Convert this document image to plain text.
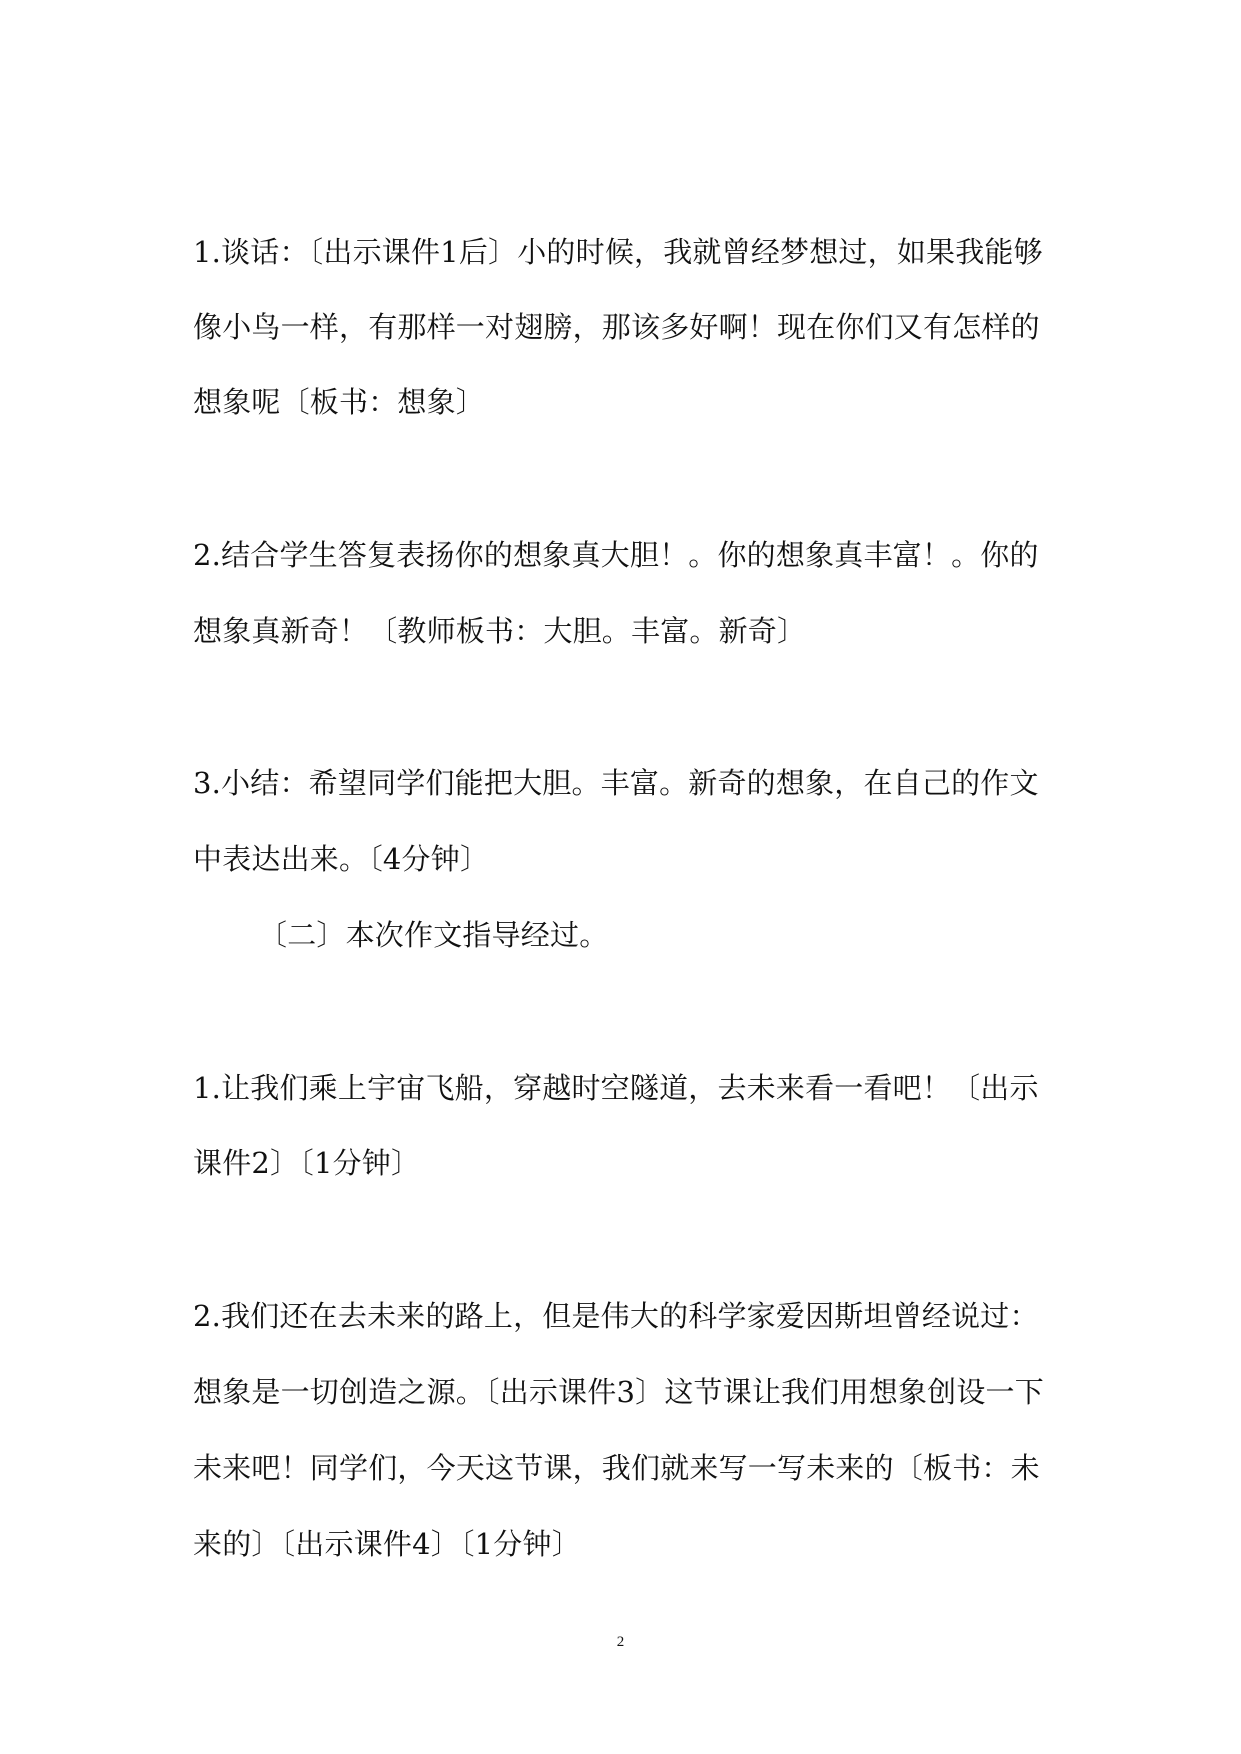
1.谈话：〔出示课件1后〕小的时候，我就曾经梦想过，如果我能够
像小鸟一样，有那样一对翅膀，那该多好啊！现在你们又有怎样的
想象呢〔板书：想象〕
2.结合学生答复表扬你的想象真大胆！。你的想象真丰富！。你的
想象真新奇！〔教师板书：大胆。丰富。新奇〕
3.小结：希望同学们能把大胆。丰富。新奇的想象，在自己的作文
中表达出来。〔4分钟〕
〔二〕本次作文指导经过。
1.让我们乘上宇宙飞船，穿越时空隧道，去未来看一看吧！〔出示
课件2〕〔1分钟〕
2.我们还在去未来的路上，但是伟大的科学家爱因斯坦曾经说过：
想象是一切创造之源。〔出示课件3〕这节课让我们用想象创设一下
未来吧！同学们，今天这节课，我们就来写一写未来的〔板书：未
来的〕〔出示课件4〕〔1分钟〕
2
